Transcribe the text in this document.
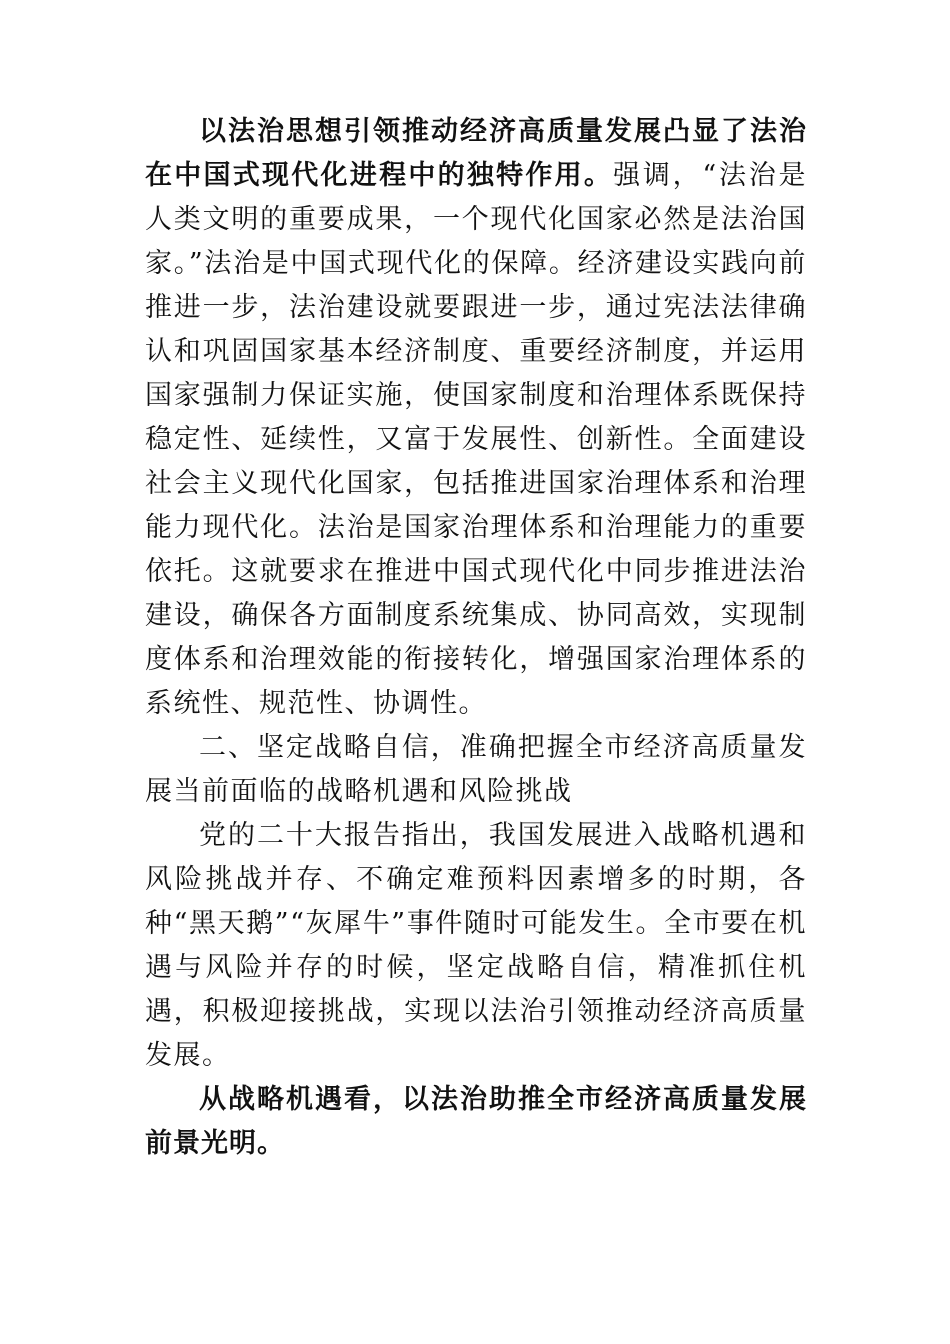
以法治思想引领推动经济高质量发展凸显了法治在中国式现代化进程中的独特作用。强调，“法治是人类文明的重要成果，一个现代化国家必然是法治国家。”法治是中国式现代化的保障。经济建设实践向前推进一步，法治建设就要跟进一步，通过宪法法律确认和巩固国家基本经济制度、重要经济制度，并运用国家强制力保证实施，使国家制度和治理体系既保持稳定性、延续性，又富于发展性、创新性。全面建设社会主义现代化国家，包括推进国家治理体系和治理能力现代化。法治是国家治理体系和治理能力的重要依托。这就要求在推进中国式现代化中同步推进法治建设，确保各方面制度系统集成、协同高效，实现制度体系和治理效能的衔接转化，增强国家治理体系的系统性、规范性、协调性。

二、坚定战略自信，准确把握全市经济高质量发展当前面临的战略机遇和风险挑战

党的二十大报告指出，我国发展进入战略机遇和风险挑战并存、不确定难预料因素增多的时期，各种“黑天鹅”“灰犀牛”事件随时可能发生。全市要在机遇与风险并存的时候，坚定战略自信，精准抓住机遇，积极迎接挑战，实现以法治引领推动经济高质量发展。

从战略机遇看，以法治助推全市经济高质量发展前景光明。
